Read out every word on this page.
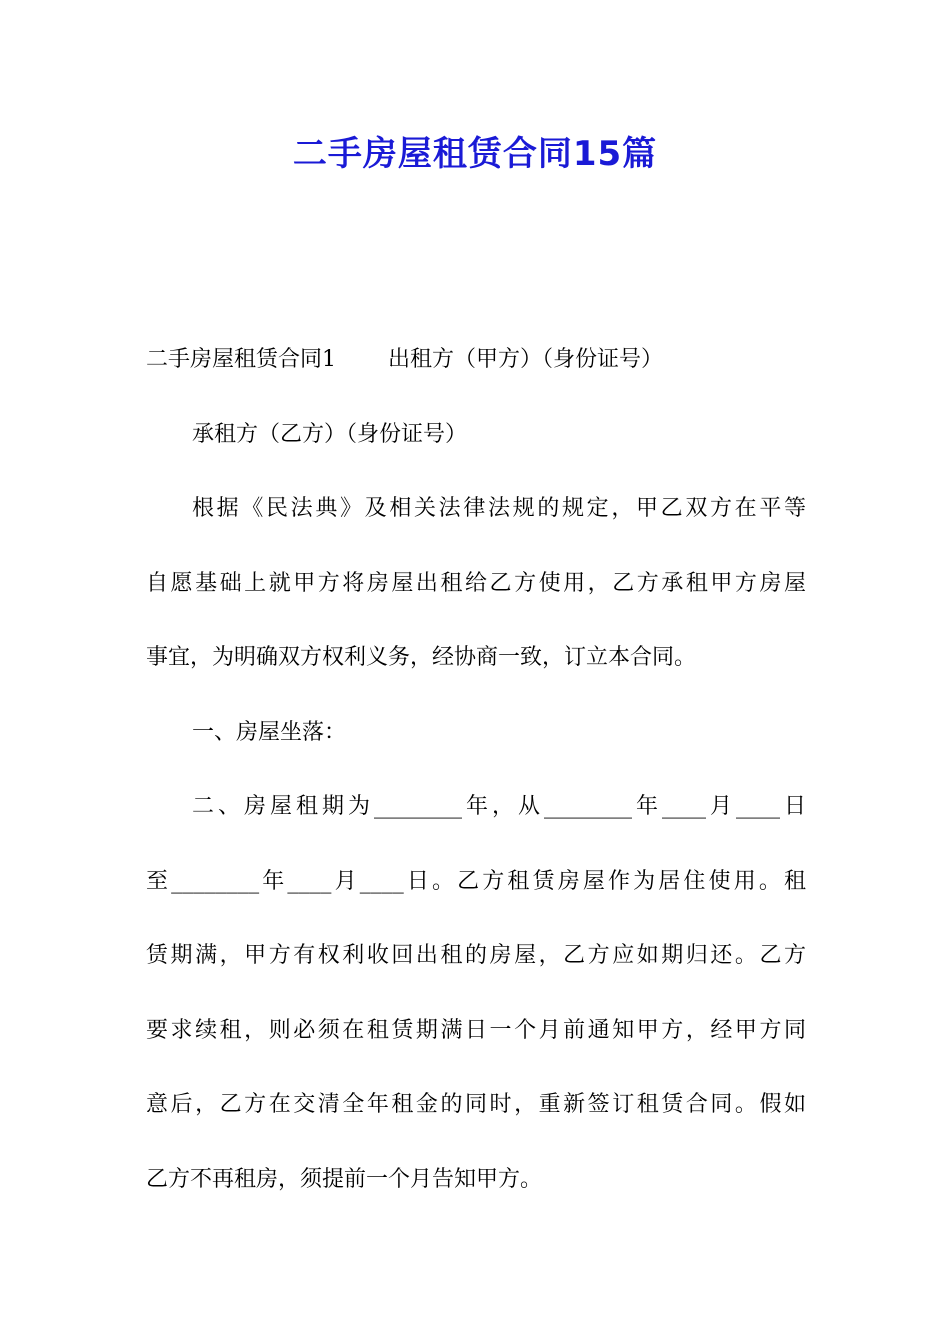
二手房屋租赁合同15篇

二手房屋租赁合同1 出租方（甲方）（身份证号）

承租方（乙方）（身份证号）

根据《民法典》及相关法律法规的规定，甲乙双方在平等

自愿基础上就甲方将房屋出租给乙方使用，乙方承租甲方房屋

事宜，为明确双方权利义务，经协商一致，订立本合同。

一、房屋坐落：

二、房屋租期为________年，从________年____月____日

至________年____月____日。乙方租赁房屋作为居住使用。租

赁期满，甲方有权利收回出租的房屋，乙方应如期归还。乙方

要求续租，则必须在租赁期满日一个月前通知甲方，经甲方同

意后，乙方在交清全年租金的同时，重新签订租赁合同。假如

乙方不再租房，须提前一个月告知甲方。
